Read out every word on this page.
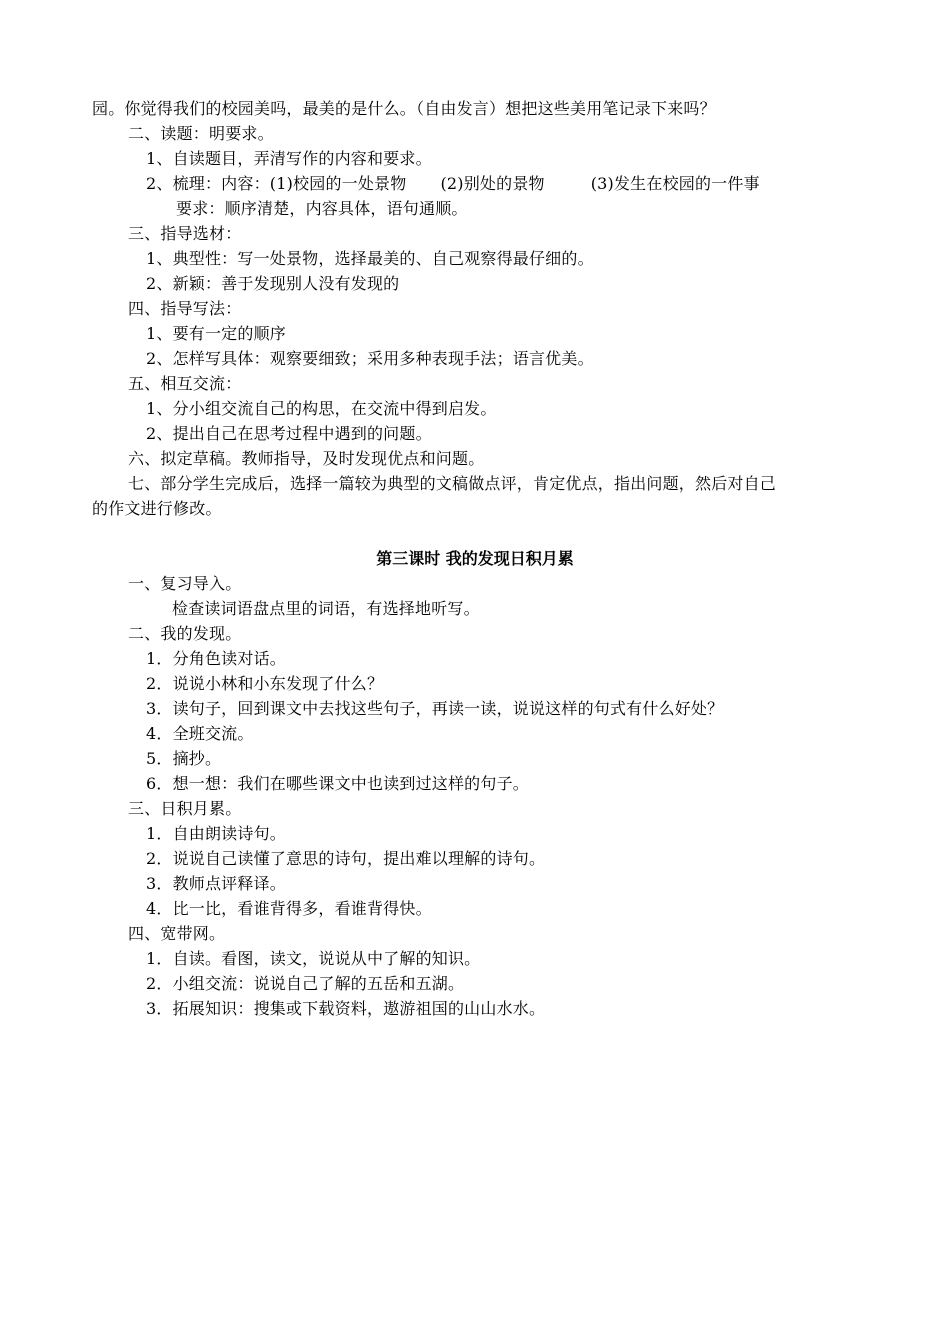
园。你觉得我们的校园美吗，最美的是什么。（自由发言）想把这些美用笔记录下来吗？
二、读题：明要求。
1、自读题目，弄清写作的内容和要求。
2、梳理：内容：(1)校园的一处景物 (2)别处的景物	(3)发生在校园的一件事
要求：顺序清楚，内容具体，语句通顺。
三、指导选材：
1、典型性：写一处景物，选择最美的、自己观察得最仔细的。
2、新颖：善于发现别人没有发现的
四、指导写法：
1、要有一定的顺序
2、怎样写具体：观察要细致；采用多种表现手法；语言优美。
五、相互交流：
1、分小组交流自己的构思，在交流中得到启发。
2、提出自己在思考过程中遇到的问题。
六、拟定草稿。教师指导，及时发现优点和问题。
七、部分学生完成后，选择一篇较为典型的文稿做点评，肯定优点，指出问题，然后对自己
的作文进行修改。
第三课时 我的发现日积月累
一、复习导入。
检查读词语盘点里的词语，有选择地听写。
二、我的发现。
1．分角色读对话。
2．说说小林和小东发现了什么？
3．读句子，回到课文中去找这些句子，再读一读，说说这样的句式有什么好处？
4．全班交流。
5．摘抄。
6．想一想：我们在哪些课文中也读到过这样的句子。
三、日积月累。
1．自由朗读诗句。
2．说说自己读懂了意思的诗句，提出难以理解的诗句。
3．教师点评释译。
4．比一比，看谁背得多，看谁背得快。
四、宽带网。
1．自读。看图，读文，说说从中了解的知识。
2．小组交流：说说自己了解的五岳和五湖。
3．拓展知识：搜集或下载资料，遨游祖国的山山水水。
